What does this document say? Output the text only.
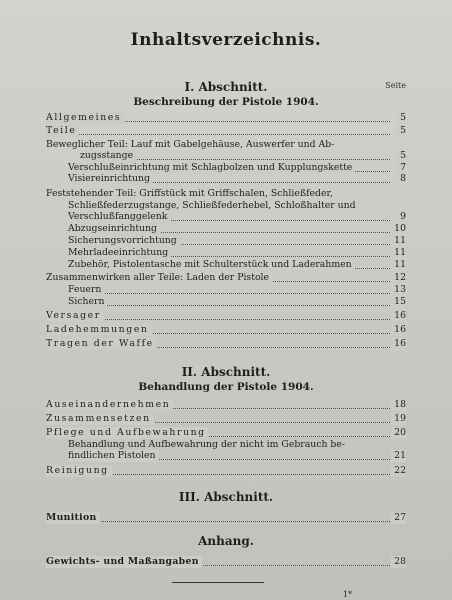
Inhaltsverzeichnis.
I. Abschnitt.	Seite
Beschreibung der Pistole 1904.
Allgemeines	5
Teile	5
Beweglicher Teil: Lauf mit Gabelgehäuse, Auswerfer und Ab-
zugsstange	5
Verschlußeinrichtung mit Schlagbolzen und Kupplungskette	7
Visiereinrichtung	8
Feststehender Teil: Griffstück mit Griffschalen, Schließfeder,
Schließfederzugstange, Schließfederhebel, Schloßhalter und
Verschlußfanggelenk	9
Abzugseinrichtung	10
Sicherungsvorrichtung	11
Mehrladeeinrichtung	11
Zubehör, Pistolentasche mit Schulterstück und Laderahmen	11
Zusammenwirken aller Teile: Laden der Pistole	12
Feuern	13
Sichern	15
Versager	16
Ladehemmungen	16
Tragen der Waffe	16
II. Abschnitt.
Behandlung der Pistole 1904.
Auseinandernehmen	18
Zusammensetzen	19
Pflege und Aufbewahrung	20
Behandlung und Aufbewahrung der nicht im Gebrauch be-
findlichen Pistolen	21
Reinigung	22
III. Abschnitt.
Munition	27
Anhang.
Gewichts- und Maßangaben	28
1*
